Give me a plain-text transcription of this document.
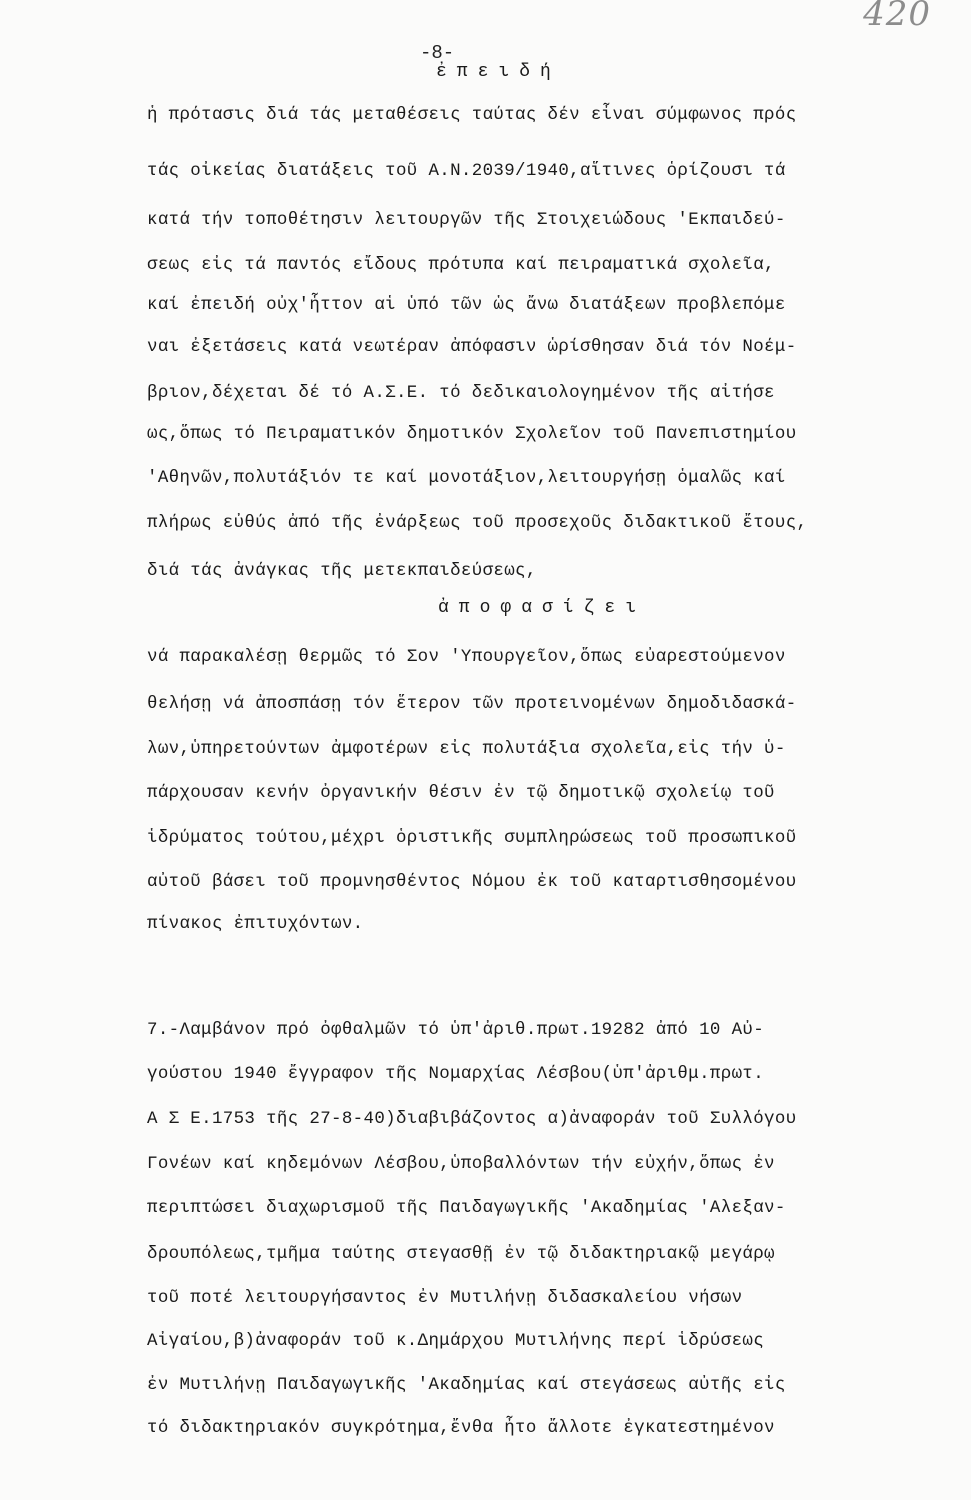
420
-8-
ἐπειδή
ἡ πρότασις διά τάς μεταθέσεις ταύτας δέν εἶναι σύμφωνος πρός
τάς οἰκείας διατάξεις τοῦ Α.Ν.2039/1940,αἵτινες ὁρίζουσι τά
κατά τήν τοποθέτησιν λειτουργῶν τῆς Στοιχειώδους 'Εκπαιδεύ-
σεως εἰς τά παντός εἴδους πρότυπα καί πειραματικά σχολεῖα,
καί ἐπειδή οὐχ'ἧττον αἱ ὑπό τῶν ὡς ἄνω διατάξεων προβλεπόμε
ναι ἐξετάσεις κατά νεωτέραν ἀπόφασιν ὡρίσθησαν διά τόν Νοέμ-
βριον,δέχεται δέ τό Α.Σ.Ε. τό δεδικαιολογημένον τῆς αἰτήσε
ως,ὅπως τό Πειραματικόν δημοτικόν Σχολεῖον τοῦ Πανεπιστημίου
'Αθηνῶν,πολυτάξιόν τε καί μονοτάξιον,λειτουργήσῃ ὁμαλῶς καί
πλήρως εὐθύς ἀπό τῆς ἐνάρξεως τοῦ προσεχοῦς διδακτικοῦ ἔτους,
διά τάς ἀνάγκας τῆς μετεκπαιδεύσεως,
ἀποφασίζει
νά παρακαλέσῃ θερμῶς τό Σον 'Υπουργεῖον,ὅπως εὐαρεστούμενον
θελήσῃ νά ἀποσπάσῃ τόν ἕτερον τῶν προτεινομένων δημοδιδασκά-
λων,ὑπηρετούντων ἀμφοτέρων εἰς πολυτάξια σχολεῖα,εἰς τήν ὑ-
πάρχουσαν κενήν ὀργανικήν θέσιν ἐν τῷ δημοτικῷ σχολείῳ τοῦ
ἱδρύματος τούτου,μέχρι ὁριστικῆς συμπληρώσεως τοῦ προσωπικοῦ
αὐτοῦ βάσει τοῦ προμνησθέντος Νόμου ἐκ τοῦ καταρτισθησομένου
πίνακος ἐπιτυχόντων.
7.-Λαμβάνον πρό ὀφθαλμῶν τό ὑπ'ἀριθ.πρωτ.19282 ἀπό 10 Αὐ-
γούστου 1940 ἔγγραφον τῆς Νομαρχίας Λέσβου(ὑπ'ἀριθμ.πρωτ.
Α Σ Ε.1753 τῆς 27-8-40)διαβιβάζοντος α)ἀναφοράν τοῦ Συλλόγου
Γονέων καί κηδεμόνων Λέσβου,ὑποβαλλόντων τήν εὐχήν,ὅπως ἐν
περιπτώσει διαχωρισμοῦ τῆς Παιδαγωγικῆς 'Ακαδημίας 'Αλεξαν-
δρουπόλεως,τμῆμα ταύτης στεγασθῇ ἐν τῷ διδακτηριακῷ μεγάρῳ
τοῦ ποτέ λειτουργήσαντος ἐν Μυτιλήνῃ διδασκαλείου νήσων
Αἰγαίου,β)ἀναφοράν τοῦ κ.Δημάρχου Μυτιλήνης περί ἱδρύσεως
ἐν Μυτιλήνῃ Παιδαγωγικῆς 'Ακαδημίας καί στεγάσεως αὐτῆς εἰς
τό διδακτηριακόν συγκρότημα,ἔνθα ἦτο ἄλλοτε ἐγκατεστημένον
